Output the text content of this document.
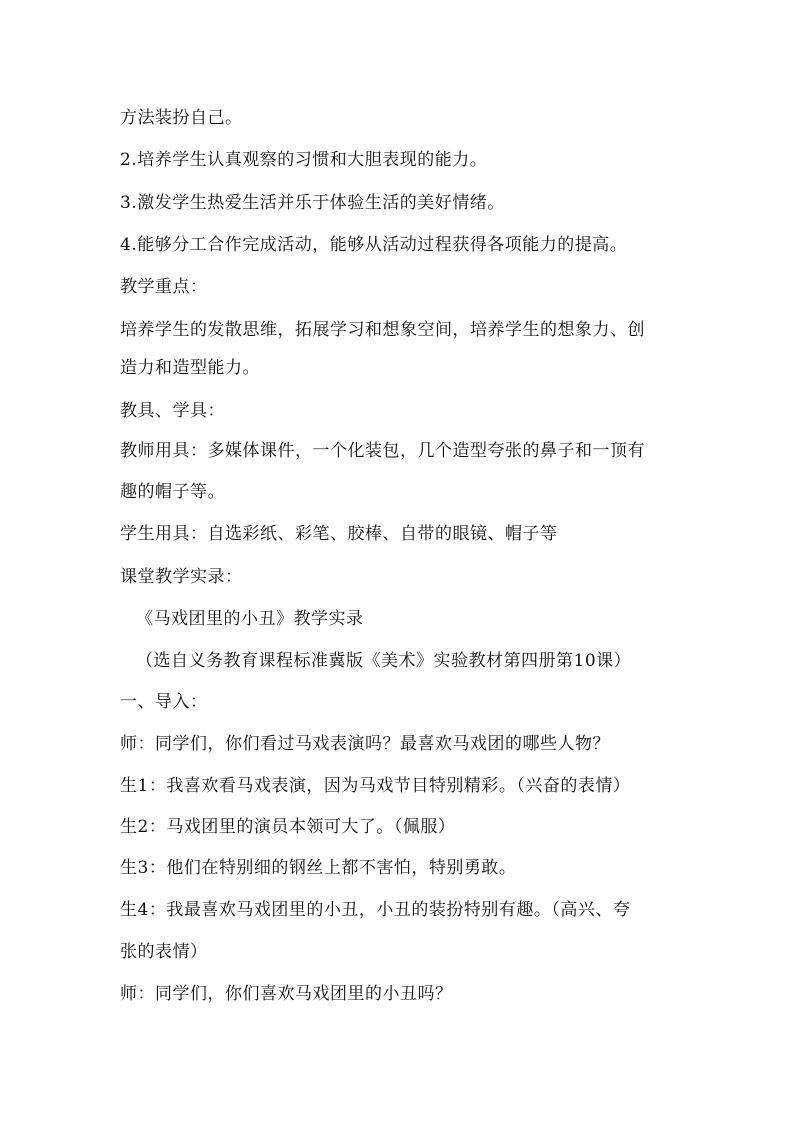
方法装扮自己。
2.培养学生认真观察的习惯和大胆表现的能力。
3.激发学生热爱生活并乐于体验生活的美好情绪。
4.能够分工合作完成活动，能够从活动过程获得各项能力的提高。
教学重点：
培养学生的发散思维，拓展学习和想象空间，培养学生的想象力、创
造力和造型能力。
教具、学具：
教师用具：多媒体课件，一个化装包，几个造型夸张的鼻子和一顶有
趣的帽子等。
学生用具：自选彩纸、彩笔、胶棒、自带的眼镜、帽子等
课堂教学实录：
《马戏团里的小丑》教学实录
（选自义务教育课程标准冀版《美术》实验教材第四册第10课）
一、导入：
师：同学们，你们看过马戏表演吗？最喜欢马戏团的哪些人物？
生1：我喜欢看马戏表演，因为马戏节目特别精彩。（兴奋的表情）
生2：马戏团里的演员本领可大了。（佩服）
生3：他们在特别细的钢丝上都不害怕，特别勇敢。
生4：我最喜欢马戏团里的小丑，小丑的装扮特别有趣。（高兴、夸
张的表情）
师：同学们，你们喜欢马戏团里的小丑吗？
